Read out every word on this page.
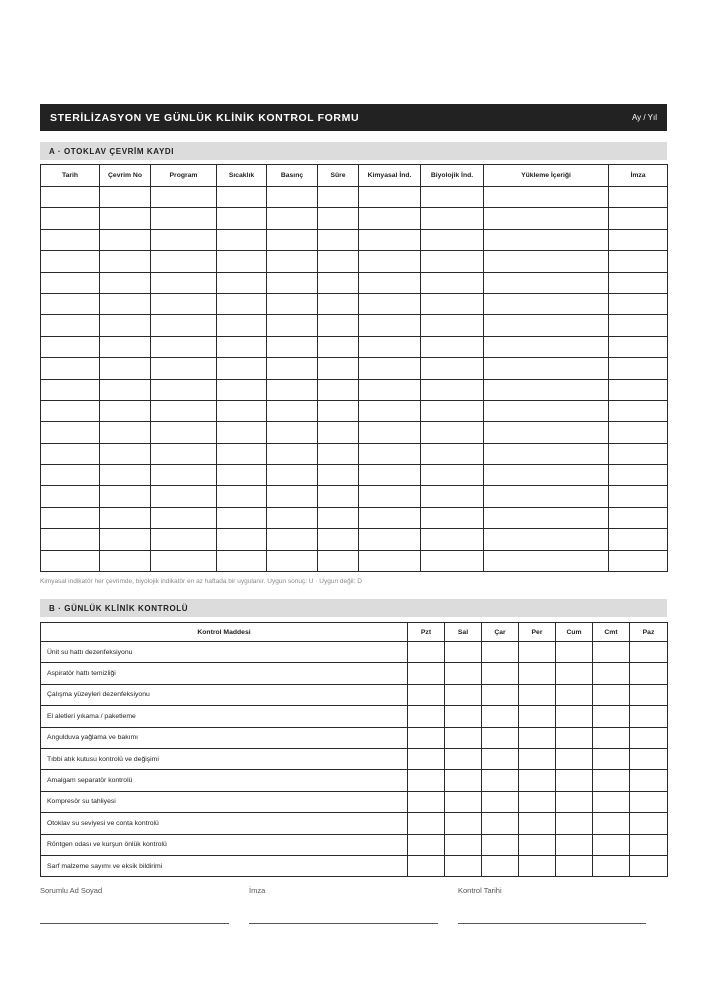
STERİLİZASYON VE GÜNLÜK KLİNİK KONTROL FORMU	Ay / Yıl
A · OTOKLAV ÇEVRİM KAYDI
Tarih	Çevrim No	Program	Sıcaklık	Basınç	Süre	Kimyasal İnd.	Biyolojik İnd.	Yükleme İçeriği	İmza

Kimyasal indikatör her çevrimde, biyolojik indikatör en az haftada bir uygulanır. Uygun sonuç: U · Uygun değil: D
B · GÜNLÜK KLİNİK KONTROLÜ
Kontrol Maddesi	Pzt	Sal	Çar	Per	Cum	Cmt	Paz
Ünit su hattı dezenfeksiyonu							
Aspiratör hattı temizliği							
Çalışma yüzeyleri dezenfeksiyonu							
El aletleri yıkama / paketleme							
Angulduva yağlama ve bakımı							
Tıbbi atık kutusu kontrolü ve değişimi							
Amalgam separatör kontrolü							
Kompresör su tahliyesi							
Otoklav su seviyesi ve conta kontrolü							
Röntgen odası ve kurşun önlük kontrolü							
Sarf malzeme sayımı ve eksik bildirimi							
Sorumlu Ad Soyad	İmza	Kontrol Tarihi
